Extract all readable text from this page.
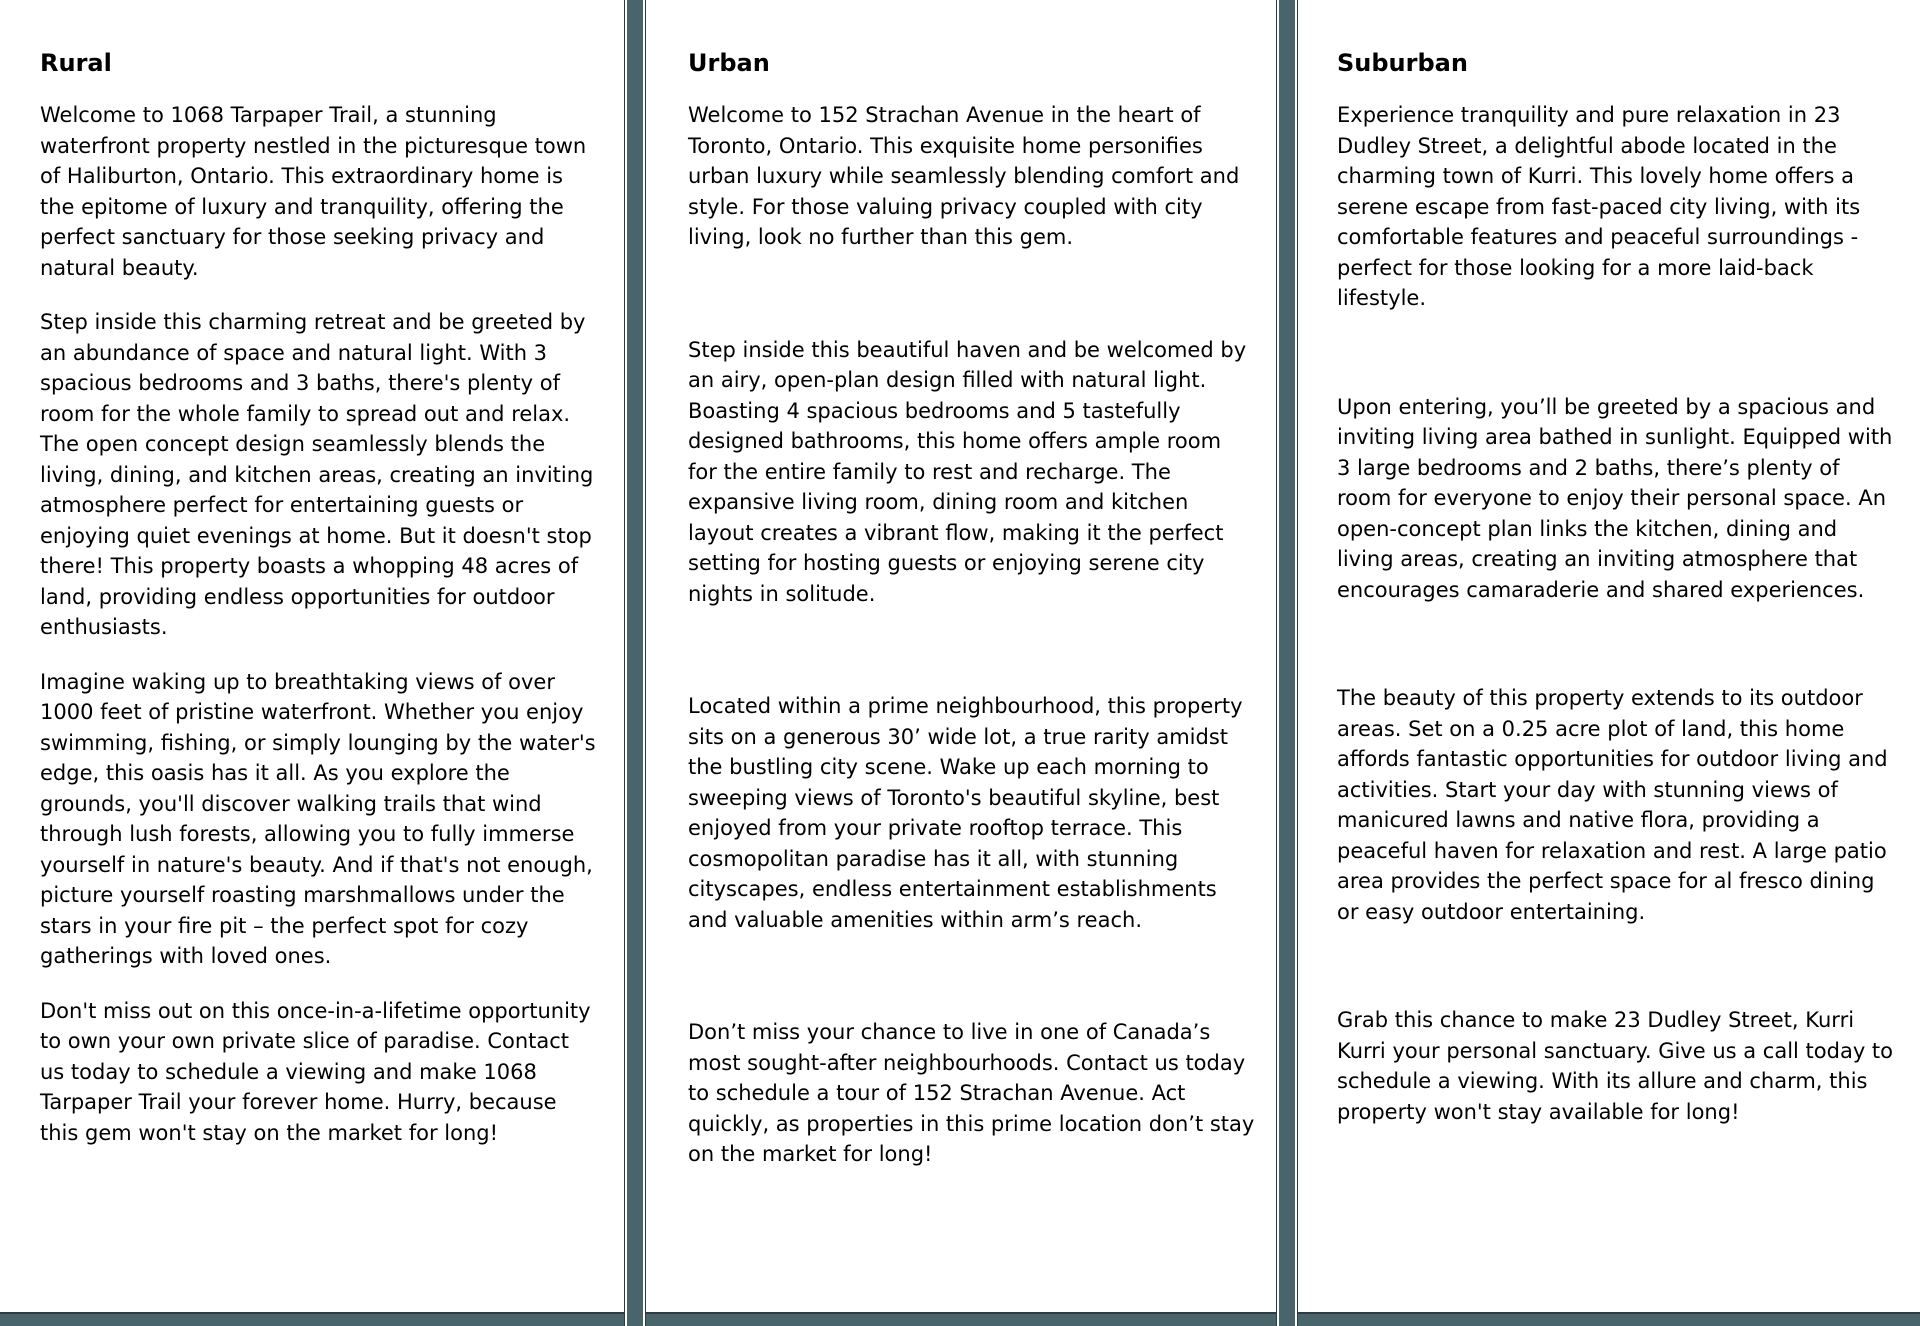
Rural

Welcome to 1068 Tarpaper Trail, a stunning waterfront property nestled in the picturesque town of Haliburton, Ontario. This extraordinary home is the epitome of luxury and tranquility, offering the perfect sanctuary for those seeking privacy and natural beauty.

Step inside this charming retreat and be greeted by an abundance of space and natural light. With 3 spacious bedrooms and 3 baths, there's plenty of room for the whole family to spread out and relax. The open concept design seamlessly blends the living, dining, and kitchen areas, creating an inviting atmosphere perfect for entertaining guests or enjoying quiet evenings at home. But it doesn't stop there! This property boasts a whopping 48 acres of land, providing endless opportunities for outdoor enthusiasts.

Imagine waking up to breathtaking views of over 1000 feet of pristine waterfront. Whether you enjoy swimming, fishing, or simply lounging by the water's edge, this oasis has it all. As you explore the grounds, you'll discover walking trails that wind through lush forests, allowing you to fully immerse yourself in nature's beauty. And if that's not enough, picture yourself roasting marshmallows under the stars in your fire pit – the perfect spot for cozy gatherings with loved ones.

Don't miss out on this once-in-a-lifetime opportunity to own your own private slice of paradise. Contact us today to schedule a viewing and make 1068 Tarpaper Trail your forever home. Hurry, because this gem won't stay on the market for long!

Urban

Welcome to 152 Strachan Avenue in the heart of Toronto, Ontario. This exquisite home personifies urban luxury while seamlessly blending comfort and style. For those valuing privacy coupled with city living, look no further than this gem.

Step inside this beautiful haven and be welcomed by an airy, open-plan design filled with natural light. Boasting 4 spacious bedrooms and 5 tastefully designed bathrooms, this home offers ample room for the entire family to rest and recharge. The expansive living room, dining room and kitchen layout creates a vibrant flow, making it the perfect setting for hosting guests or enjoying serene city nights in solitude.

Located within a prime neighbourhood, this property sits on a generous 30’ wide lot, a true rarity amidst the bustling city scene. Wake up each morning to sweeping views of Toronto's beautiful skyline, best enjoyed from your private rooftop terrace. This cosmopolitan paradise has it all, with stunning cityscapes, endless entertainment establishments and valuable amenities within arm’s reach.

Don’t miss your chance to live in one of Canada’s most sought-after neighbourhoods. Contact us today to schedule a tour of 152 Strachan Avenue. Act quickly, as properties in this prime location don’t stay on the market for long!

Suburban

Experience tranquility and pure relaxation in 23 Dudley Street, a delightful abode located in the charming town of Kurri. This lovely home offers a serene escape from fast-paced city living, with its comfortable features and peaceful surroundings - perfect for those looking for a more laid-back lifestyle.

Upon entering, you’ll be greeted by a spacious and inviting living area bathed in sunlight. Equipped with 3 large bedrooms and 2 baths, there’s plenty of room for everyone to enjoy their personal space. An open-concept plan links the kitchen, dining and living areas, creating an inviting atmosphere that encourages camaraderie and shared experiences.

The beauty of this property extends to its outdoor areas. Set on a 0.25 acre plot of land, this home affords fantastic opportunities for outdoor living and activities. Start your day with stunning views of manicured lawns and native flora, providing a peaceful haven for relaxation and rest. A large patio area provides the perfect space for al fresco dining or easy outdoor entertaining.

Grab this chance to make 23 Dudley Street, Kurri Kurri your personal sanctuary. Give us a call today to schedule a viewing. With its allure and charm, this property won't stay available for long!
